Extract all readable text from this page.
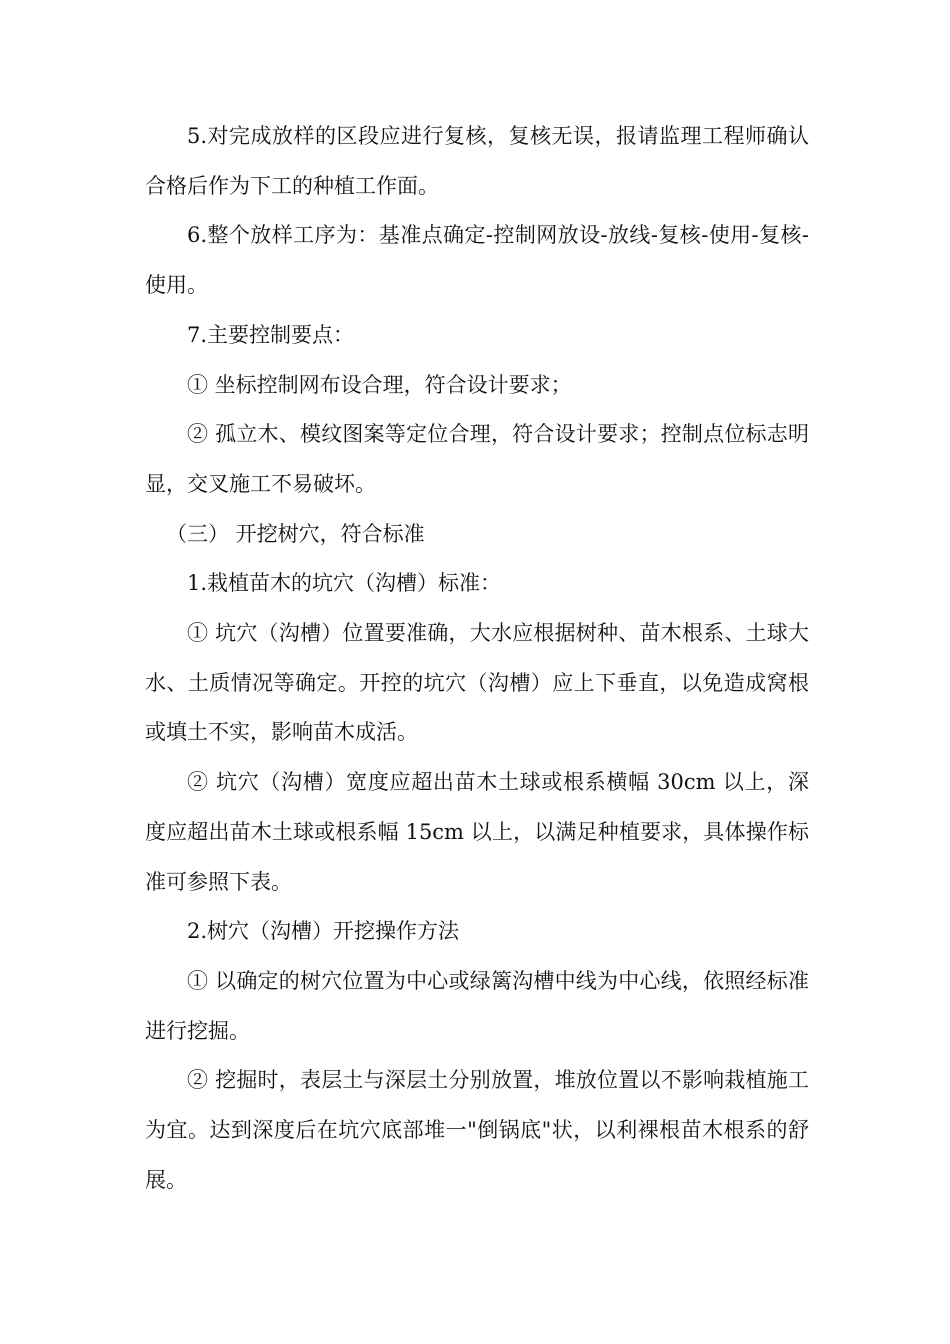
5.对完成放样的区段应进行复核，复核无误，报请监理工程师确认合格后作为下工的种植工作面。

6.整个放样工序为：基准点确定-控制网放设-放线-复核-使用-复核-使用。

7.主要控制要点：

① 坐标控制网布设合理，符合设计要求；

② 孤立木、模纹图案等定位合理，符合设计要求；控制点位标志明显，交叉施工不易破坏。

（三） 开挖树穴，符合标准

1.栽植苗木的坑穴（沟槽）标准：

① 坑穴（沟槽）位置要准确，大水应根据树种、苗木根系、土球大水、土质情况等确定。开控的坑穴（沟槽）应上下垂直，以免造成窝根或填土不实，影响苗木成活。

② 坑穴（沟槽）宽度应超出苗木土球或根系横幅 30cm 以上，深度应超出苗木土球或根系幅 15cm 以上，以满足种植要求，具体操作标准可参照下表。

2.树穴（沟槽）开挖操作方法

① 以确定的树穴位置为中心或绿篱沟槽中线为中心线，依照经标准进行挖掘。

② 挖掘时，表层土与深层土分别放置，堆放位置以不影响栽植施工为宜。达到深度后在坑穴底部堆一"倒锅底"状，以利裸根苗木根系的舒展。
